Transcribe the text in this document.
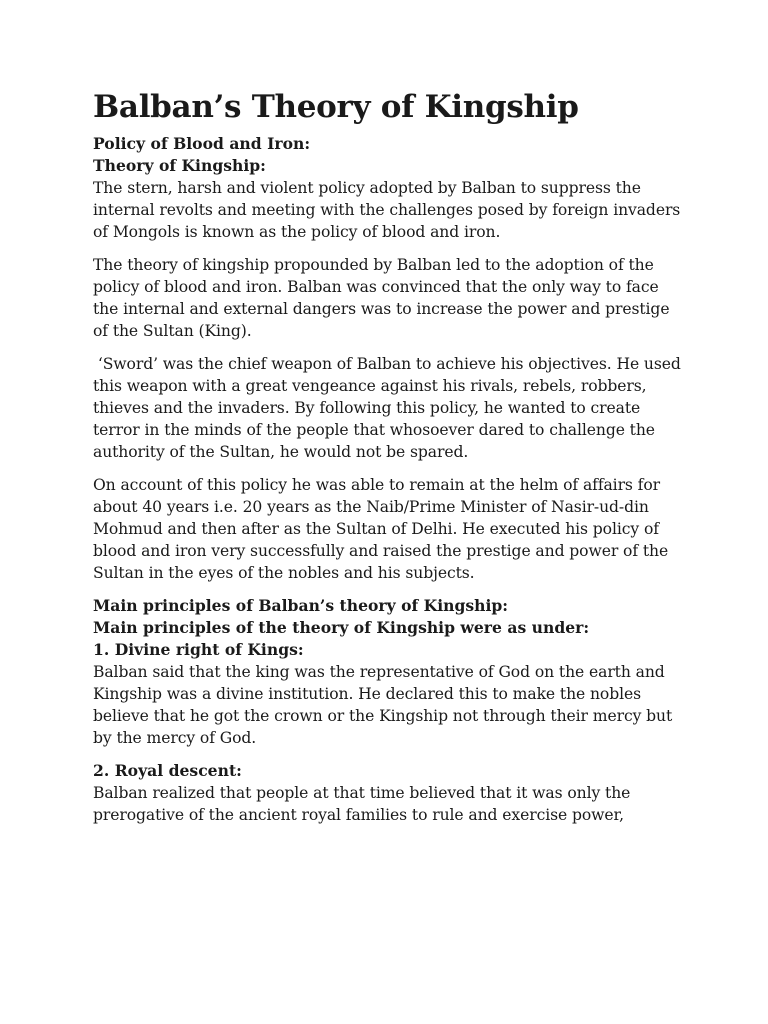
Balban’s Theory of Kingship

Policy of Blood and Iron:

Theory of Kingship:

The stern, harsh and violent policy adopted by Balban to suppress the internal revolts and meeting with the challenges posed by foreign invaders of Mongols is known as the policy of blood and iron.

The theory of kingship propounded by Balban led to the adoption of the policy of blood and iron. Balban was convinced that the only way to face the internal and external dangers was to increase the power and prestige of the Sultan (King).

‘Sword’ was the chief weapon of Balban to achieve his objectives. He used this weapon with a great vengeance against his rivals, rebels, robbers, thieves and the invaders. By following this policy, he wanted to create terror in the minds of the people that whosoever dared to challenge the authority of the Sultan, he would not be spared.

On account of this policy he was able to remain at the helm of affairs for about 40 years i.e. 20 years as the Naib/Prime Minister of Nasir-ud-din Mohmud and then after as the Sultan of Delhi. He executed his policy of blood and iron very successfully and raised the prestige and power of the Sultan in the eyes of the nobles and his subjects.

Main principles of Balban’s theory of Kingship:

Main principles of the theory of Kingship were as under:

1. Divine right of Kings:

Balban said that the king was the representative of God on the earth and Kingship was a divine institution. He declared this to make the nobles believe that he got the crown or the Kingship not through their mercy but by the mercy of God.

2. Royal descent:

Balban realized that people at that time believed that it was only the prerogative of the ancient royal families to rule and exercise power,
